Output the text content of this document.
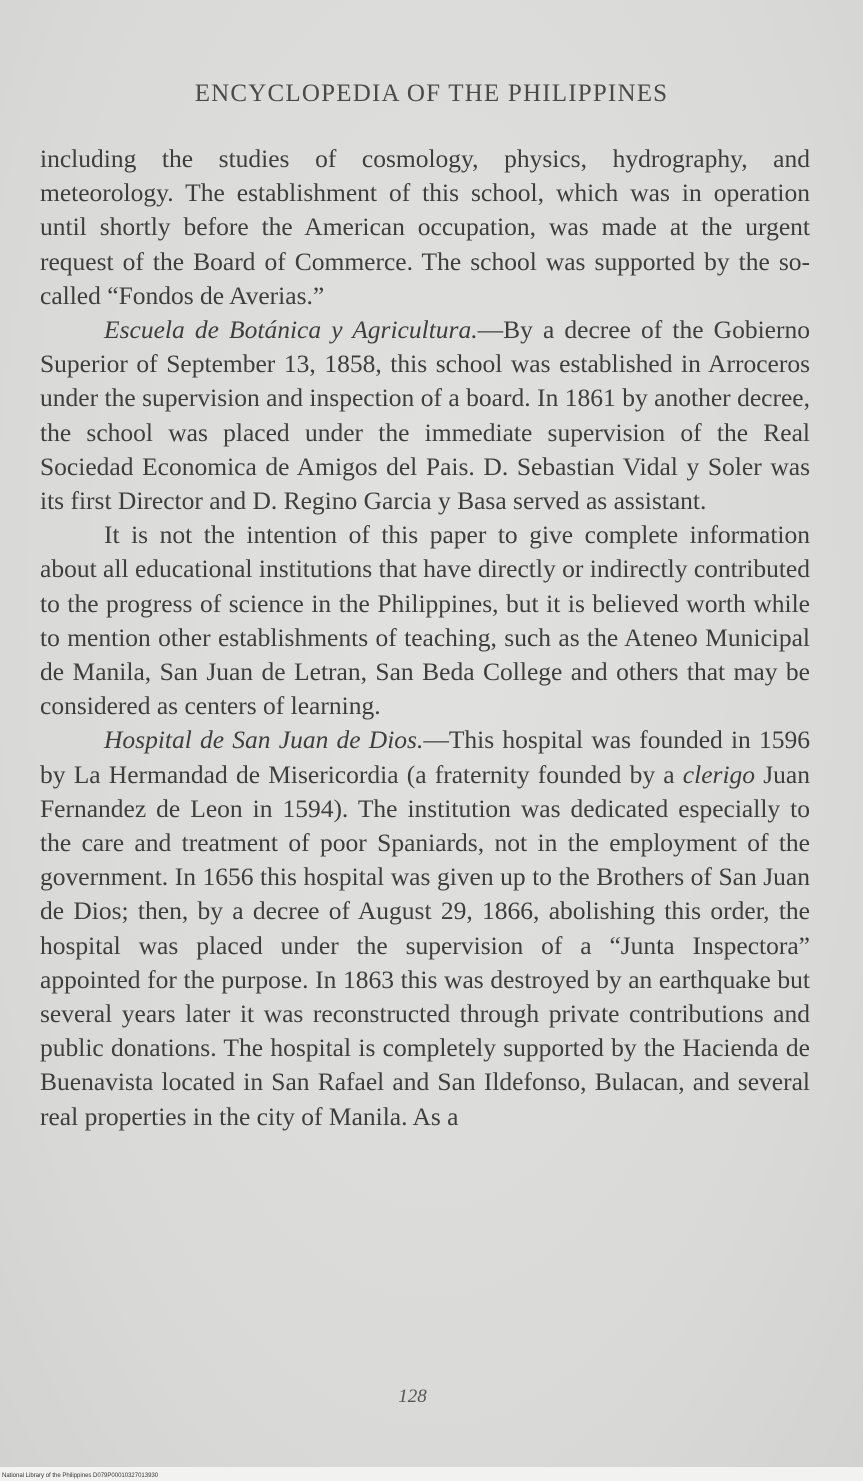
ENCYCLOPEDIA OF THE PHILIPPINES

including the studies of cosmology, physics, hydrography, and meteorology. The establishment of this school, which was in operation until shortly before the American occupation, was made at the urgent request of the Board of Commerce. The school was supported by the so-called “Fondos de Averias.”

Escuela de Botánica y Agricultura.—By a decree of the Gobierno Superior of September 13, 1858, this school was established in Arroceros under the supervision and inspection of a board. In 1861 by another decree, the school was placed under the immediate supervision of the Real Sociedad Economica de Amigos del Pais. D. Sebastian Vidal y Soler was its first Director and D. Regino Garcia y Basa served as assistant.

It is not the intention of this paper to give complete information about all educational institutions that have directly or indirectly contributed to the progress of science in the Philippines, but it is believed worth while to mention other establishments of teaching, such as the Ateneo Municipal de Manila, San Juan de Letran, San Beda College and others that may be considered as centers of learning.

Hospital de San Juan de Dios.—This hospital was founded in 1596 by La Hermandad de Misericordia (a fraternity founded by a clerigo Juan Fernandez de Leon in 1594). The institution was dedicated especially to the care and treatment of poor Spaniards, not in the employment of the government. In 1656 this hospital was given up to the Brothers of San Juan de Dios; then, by a decree of August 29, 1866, abolishing this order, the hospital was placed under the supervision of a “Junta Inspectora” appointed for the purpose. In 1863 this was destroyed by an earthquake but several years later it was reconstructed through private contributions and public donations. The hospital is completely supported by the Hacienda de Buenavista located in San Rafael and San Ildefonso, Bulacan, and several real properties in the city of Manila. As a

128
National Library of the Philippines D079P00010327013930
